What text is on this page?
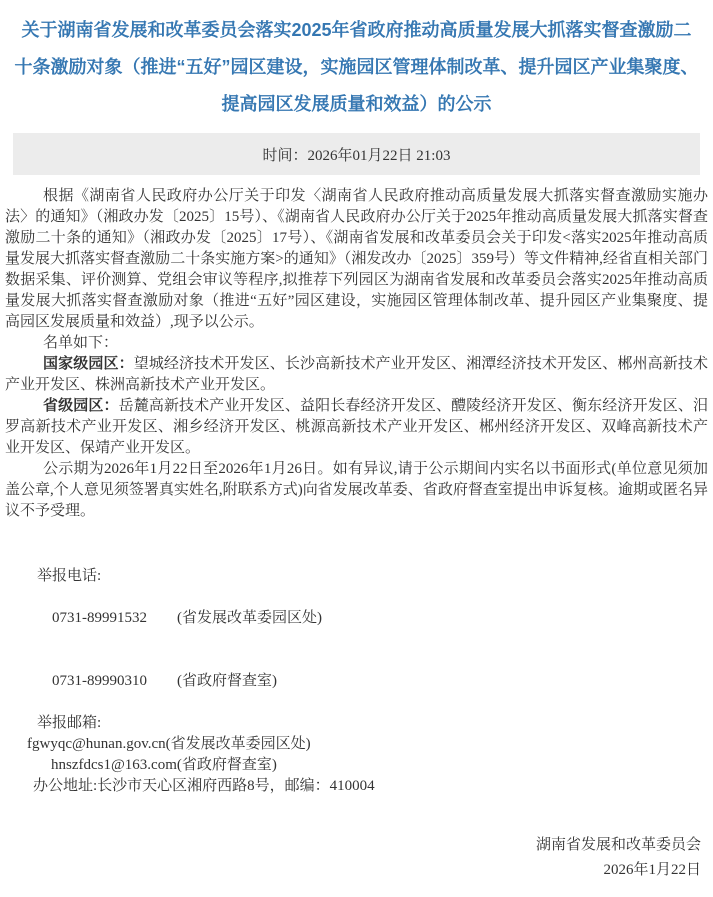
关于湖南省发展和改革委员会落实2025年省政府推动高质量发展大抓落实督查激励二十条激励对象（推进“五好”园区建设，实施园区管理体制改革、提升园区产业集聚度、提高园区发展质量和效益）的公示
时间：2026年01月22日 21:03

根据《湖南省人民政府办公厅关于印发〈湖南省人民政府推动高质量发展大抓落实督查激励实施办法〉的通知》（湘政办发〔2025〕15号）、《湖南省人民政府办公厅关于2025年推动高质量发展大抓落实督查激励二十条的通知》（湘政办发〔2025〕17号）、《湖南省发展和改革委员会关于印发<落实2025年推动高质量发展大抓落实督查激励二十条实施方案>的通知》（湘发改办〔2025〕359号）等文件精神,经省直相关部门数据采集、评价测算、党组会审议等程序,拟推荐下列园区为湖南省发展和改革委员会落实2025年推动高质量发展大抓落实督查激励对象（推进“五好”园区建设，实施园区管理体制改革、提升园区产业集聚度、提高园区发展质量和效益）,现予以公示。

名单如下：

国家级园区：望城经济技术开发区、长沙高新技术产业开发区、湘潭经济技术开发区、郴州高新技术产业开发区、株洲高新技术产业开发区。

省级园区：岳麓高新技术产业开发区、益阳长春经济开发区、醴陵经济开发区、衡东经济开发区、汨罗高新技术产业开发区、湘乡经济开发区、桃源高新技术产业开发区、郴州经济开发区、双峰高新技术产业开发区、保靖产业开发区。

公示期为2026年1月22日至2026年1月26日。如有异议,请于公示期间内实名以书面形式(单位意见须加盖公章,个人意见须签署真实姓名,附联系方式)向省发展改革委、省政府督查室提出申诉复核。逾期或匿名异议不予受理。

举报电话:

0731-89991532 (省发展改革委园区处)

0731-89990310 (省政府督查室)

举报邮箱:
fgwyqc@hunan.gov.cn(省发展改革委园区处)
hnszfdcs1@163.com(省政府督查室)
办公地址:长沙市天心区湘府西路8号，邮编：410004
湖南省发展和改革委员会
2026年1月22日
